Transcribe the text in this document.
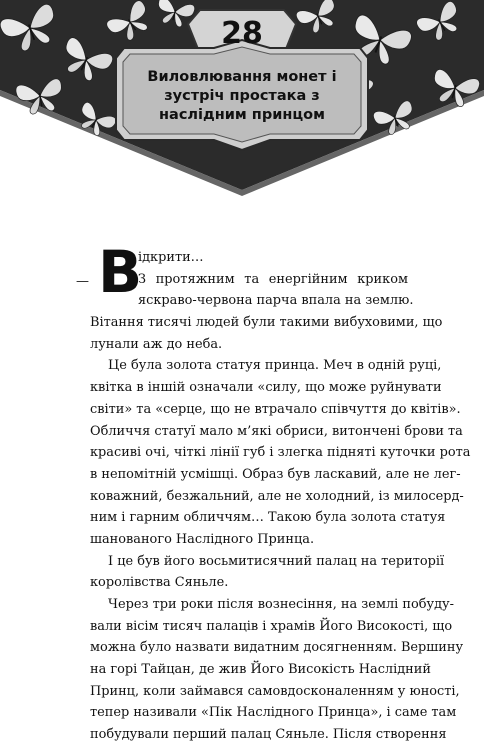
28
Виловлювання монет і зустріч простака з наслідним принцом
— В
ідкрити…
З протяжним та енергійним криком
яскраво-червона парча впала на землю.
Вітання тисячі людей були такими вибуховими, що
лунали аж до неба.
Це була золота статуя принца. Меч в одній руці,
квітка в іншій означали «силу, що може руйнувати
світи» та «серце, що не втрачало співчуття до квітів».
Обличчя статуї мало м’які обриси, витончені брови та
красиві очі, чіткі лінії губ і злегка підняті куточки рота
в непомітній усмішці. Образ був ласкавий, але не лег-
коважний, безжальний, але не холодний, із милосерд-
ним і гарним обличчям… Такою була золота статуя
шанованого Наслідного Принца.
І це був його восьмитисячний палац на території
королівства Сяньле.
Через три роки після вознесіння, на землі побуду-
вали вісім тисяч палаців і храмів Його Високості, що
можна було назвати видатним досягненням. Вершину
на горі Тайцан, де жив Його Високість Наслідний
Принц, коли займався самовдосконаленням у юності,
тепер називали «Пік Наслідного Принца», і саме там
побудували перший палац Сяньле. Після створення
